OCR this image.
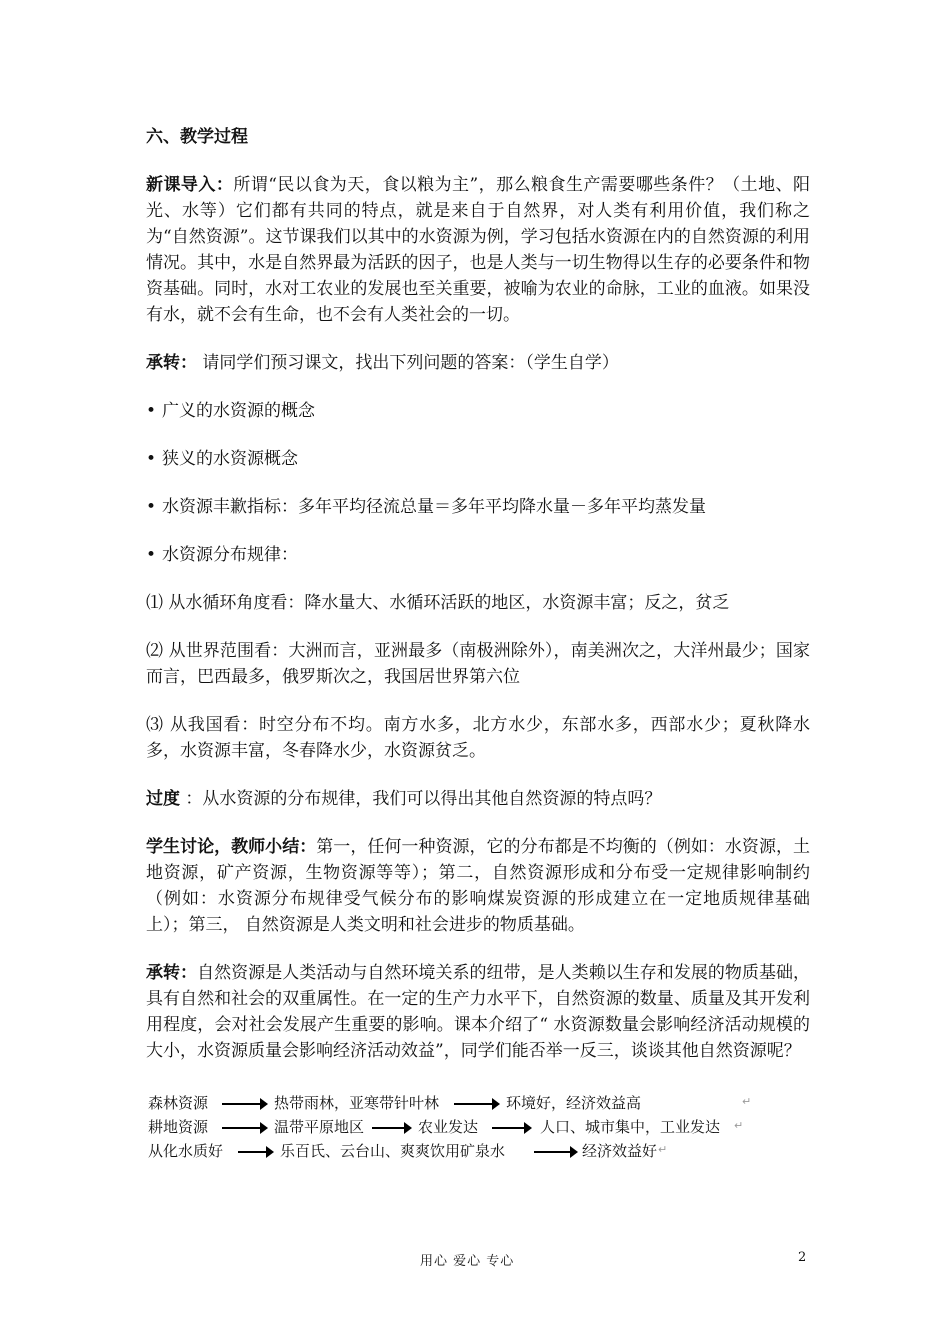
六、教学过程

新课导入：所谓“民以食为天，食以粮为主”，那么粮食生产需要哪些条件？（土地、阳光、水等）它们都有共同的特点，就是来自于自然界，对人类有利用价值，我们称之为“自然资源”。这节课我们以其中的水资源为例，学习包括水资源在内的自然资源的利用情况。其中，水是自然界最为活跃的因子，也是人类与一切生物得以生存的必要条件和物资基础。同时，水对工农业的发展也至关重要，被喻为农业的命脉，工业的血液。如果没有水，就不会有生命，也不会有人类社会的一切。

承转： 请同学们预习课文，找出下列问题的答案：（学生自学）

• 广义的水资源的概念

• 狭义的水资源概念

• 水资源丰歉指标：多年平均径流总量＝多年平均降水量－多年平均蒸发量

• 水资源分布规律：

⑴ 从水循环角度看：降水量大、水循环活跃的地区，水资源丰富；反之，贫乏

⑵ 从世界范围看：大洲而言，亚洲最多（南极洲除外），南美洲次之，大洋州最少；国家而言，巴西最多，俄罗斯次之，我国居世界第六位

⑶ 从我国看：时空分布不均。南方水多，北方水少，东部水多，西部水少；夏秋降水多，水资源丰富，冬春降水少，水资源贫乏。

过度 ：从水资源的分布规律，我们可以得出其他自然资源的特点吗？

学生讨论，教师小结：第一，任何一种资源，它的分布都是不均衡的（例如：水资源，土地资源，矿产资源，生物资源等等）；第二，自然资源形成和分布受一定规律影响制约（例如：水资源分布规律受气候分布的影响煤炭资源的形成建立在一定地质规律基础上）；第三， 自然资源是人类文明和社会进步的物质基础。

承转：自然资源是人类活动与自然环境关系的纽带，是人类赖以生存和发展的物质基础，具有自然和社会的双重属性。在一定的生产力水平下，自然资源的数量、质量及其开发利用程度，会对社会发展产生重要的影响。课本介绍了“ 水资源数量会影响经济活动规模的大小，水资源质量会影响经济活动效益”，同学们能否举一反三，谈谈其他自然资源呢？

森林资源	热带雨林，亚寒带针叶林	环境好，经济效益高	↵
耕地资源	温带平原地区	农业发达	人口、城市集中，工业发达 ↵
从化水质好	乐百氏、云台山、爽爽饮用矿泉水	经济效益好 ↵
用心 爱心 专心	2
